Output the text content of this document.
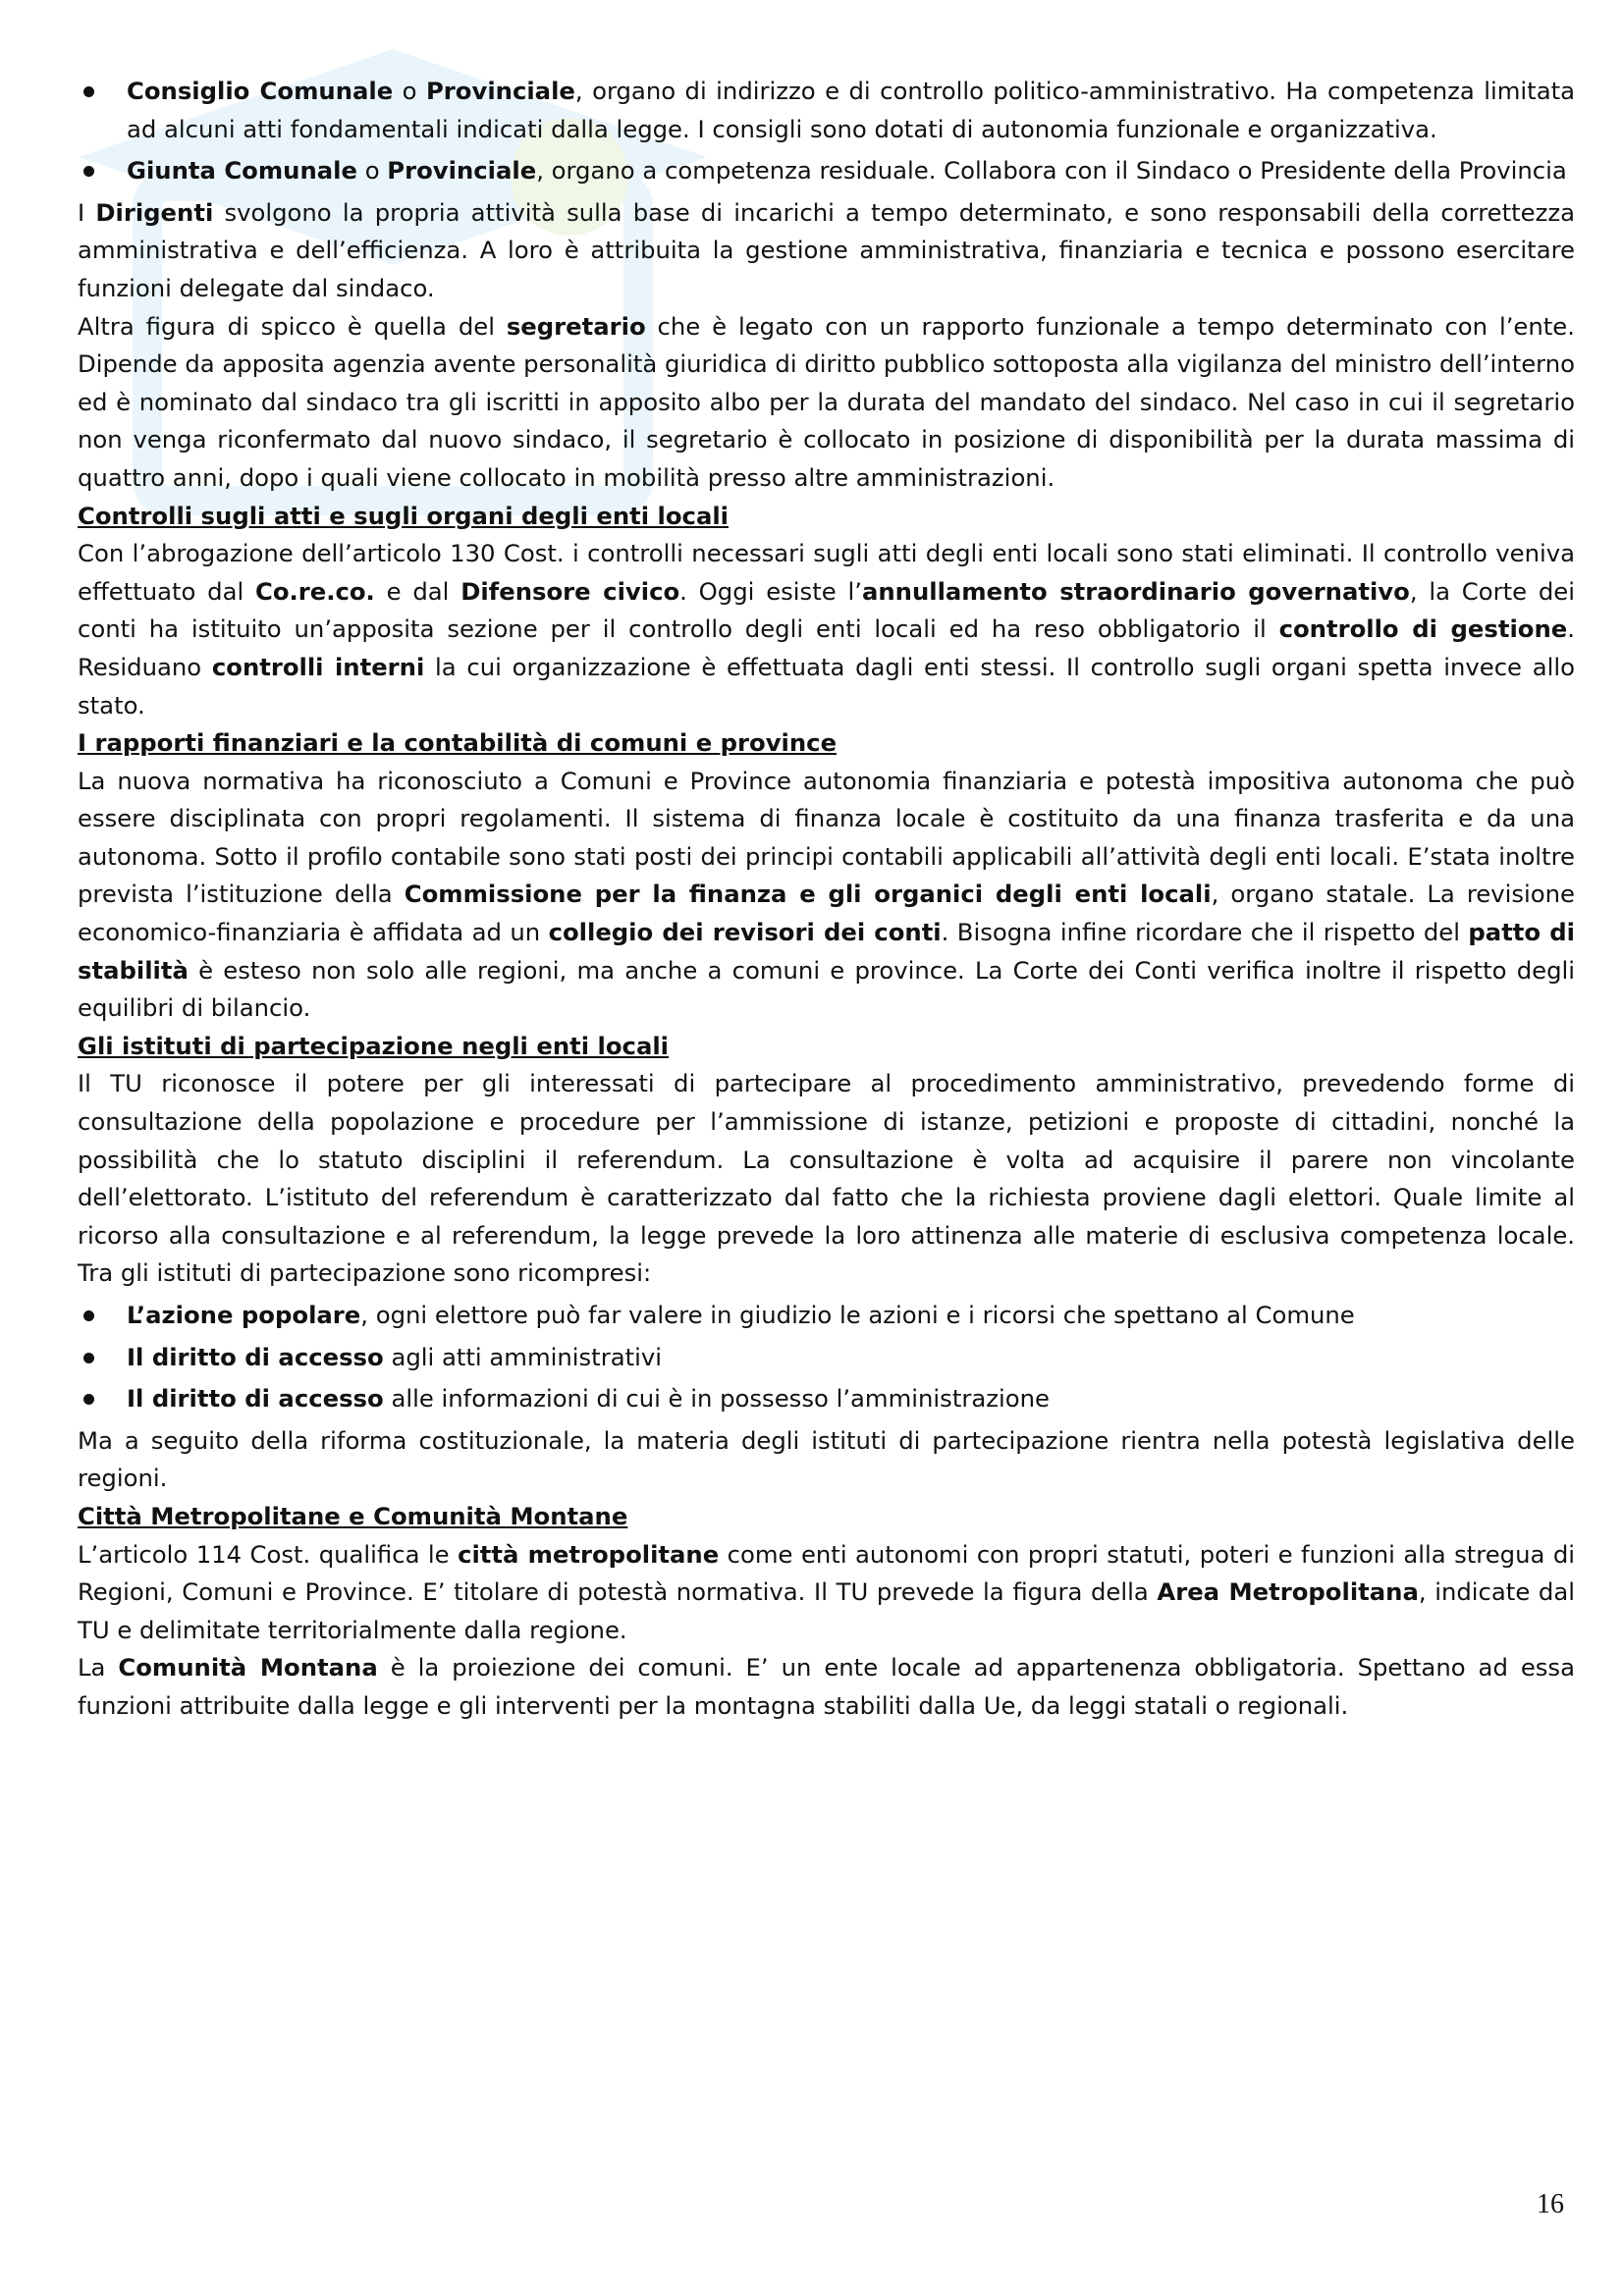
Consiglio Comunale o Provinciale, organo di indirizzo e di controllo politico-amministrativo. Ha competenza limitata ad alcuni atti fondamentali indicati dalla legge. I consigli sono dotati di autonomia funzionale e organizzativa.
Giunta Comunale o Provinciale, organo a competenza residuale. Collabora con il Sindaco o Presidente della Provincia

I Dirigenti svolgono la propria attività sulla base di incarichi a tempo determinato, e sono responsabili della correttezza amministrativa e dell’efficienza. A loro è attribuita la gestione amministrativa, finanziaria e tecnica e possono esercitare funzioni delegate dal sindaco.

Altra figura di spicco è quella del segretario che è legato con un rapporto funzionale a tempo determinato con l’ente. Dipende da apposita agenzia avente personalità giuridica di diritto pubblico sottoposta alla vigilanza del ministro dell’interno ed è nominato dal sindaco tra gli iscritti in apposito albo per la durata del mandato del sindaco. Nel caso in cui il segretario non venga riconfermato dal nuovo sindaco, il segretario è collocato in posizione di disponibilità per la durata massima di quattro anni, dopo i quali viene collocato in mobilità presso altre amministrazioni.

Controlli sugli atti e sugli organi degli enti locali

Con l’abrogazione dell’articolo 130 Cost. i controlli necessari sugli atti degli enti locali sono stati eliminati. Il controllo veniva effettuato dal Co.re.co. e dal Difensore civico. Oggi esiste l’annullamento straordinario governativo, la Corte dei conti ha istituito un’apposita sezione per il controllo degli enti locali ed ha reso obbligatorio il controllo di gestione. Residuano controlli interni la cui organizzazione è effettuata dagli enti stessi. Il controllo sugli organi spetta invece allo stato.

I rapporti finanziari e la contabilità di comuni e province

La nuova normativa ha riconosciuto a Comuni e Province autonomia finanziaria e potestà impositiva autonoma che può essere disciplinata con propri regolamenti. Il sistema di finanza locale è costituito da una finanza trasferita e da una autonoma. Sotto il profilo contabile sono stati posti dei principi contabili applicabili all’attività degli enti locali. E’stata inoltre prevista l’istituzione della Commissione per la finanza e gli organici degli enti locali, organo statale. La revisione economico-finanziaria è affidata ad un collegio dei revisori dei conti. Bisogna infine ricordare che il rispetto del patto di stabilità è esteso non solo alle regioni, ma anche a comuni e province. La Corte dei Conti verifica inoltre il rispetto degli equilibri di bilancio.

Gli istituti di partecipazione negli enti locali

Il TU riconosce il potere per gli interessati di partecipare al procedimento amministrativo, prevedendo forme di consultazione della popolazione e procedure per l’ammissione di istanze, petizioni e proposte di cittadini, nonché la possibilità che lo statuto disciplini il referendum. La consultazione è volta ad acquisire il parere non vincolante dell’elettorato. L’istituto del referendum è caratterizzato dal fatto che la richiesta proviene dagli elettori. Quale limite al ricorso alla consultazione e al referendum, la legge prevede la loro attinenza alle materie di esclusiva competenza locale. Tra gli istituti di partecipazione sono ricompresi:

L’azione popolare, ogni elettore può far valere in giudizio le azioni e i ricorsi che spettano al Comune
Il diritto di accesso agli atti amministrativi
Il diritto di accesso alle informazioni di cui è in possesso l’amministrazione

Ma a seguito della riforma costituzionale, la materia degli istituti di partecipazione rientra nella potestà legislativa delle regioni.

Città Metropolitane e Comunità Montane

L’articolo 114 Cost. qualifica le città metropolitane come enti autonomi con propri statuti, poteri e funzioni alla stregua di Regioni, Comuni e Province. E’ titolare di potestà normativa. Il TU prevede la figura della Area Metropolitana, indicate dal TU e delimitate territorialmente dalla regione.

La Comunità Montana è la proiezione dei comuni. E’ un ente locale ad appartenenza obbligatoria. Spettano ad essa funzioni attribuite dalla legge e gli interventi per la montagna stabiliti dalla Ue, da leggi statali o regionali.

16
